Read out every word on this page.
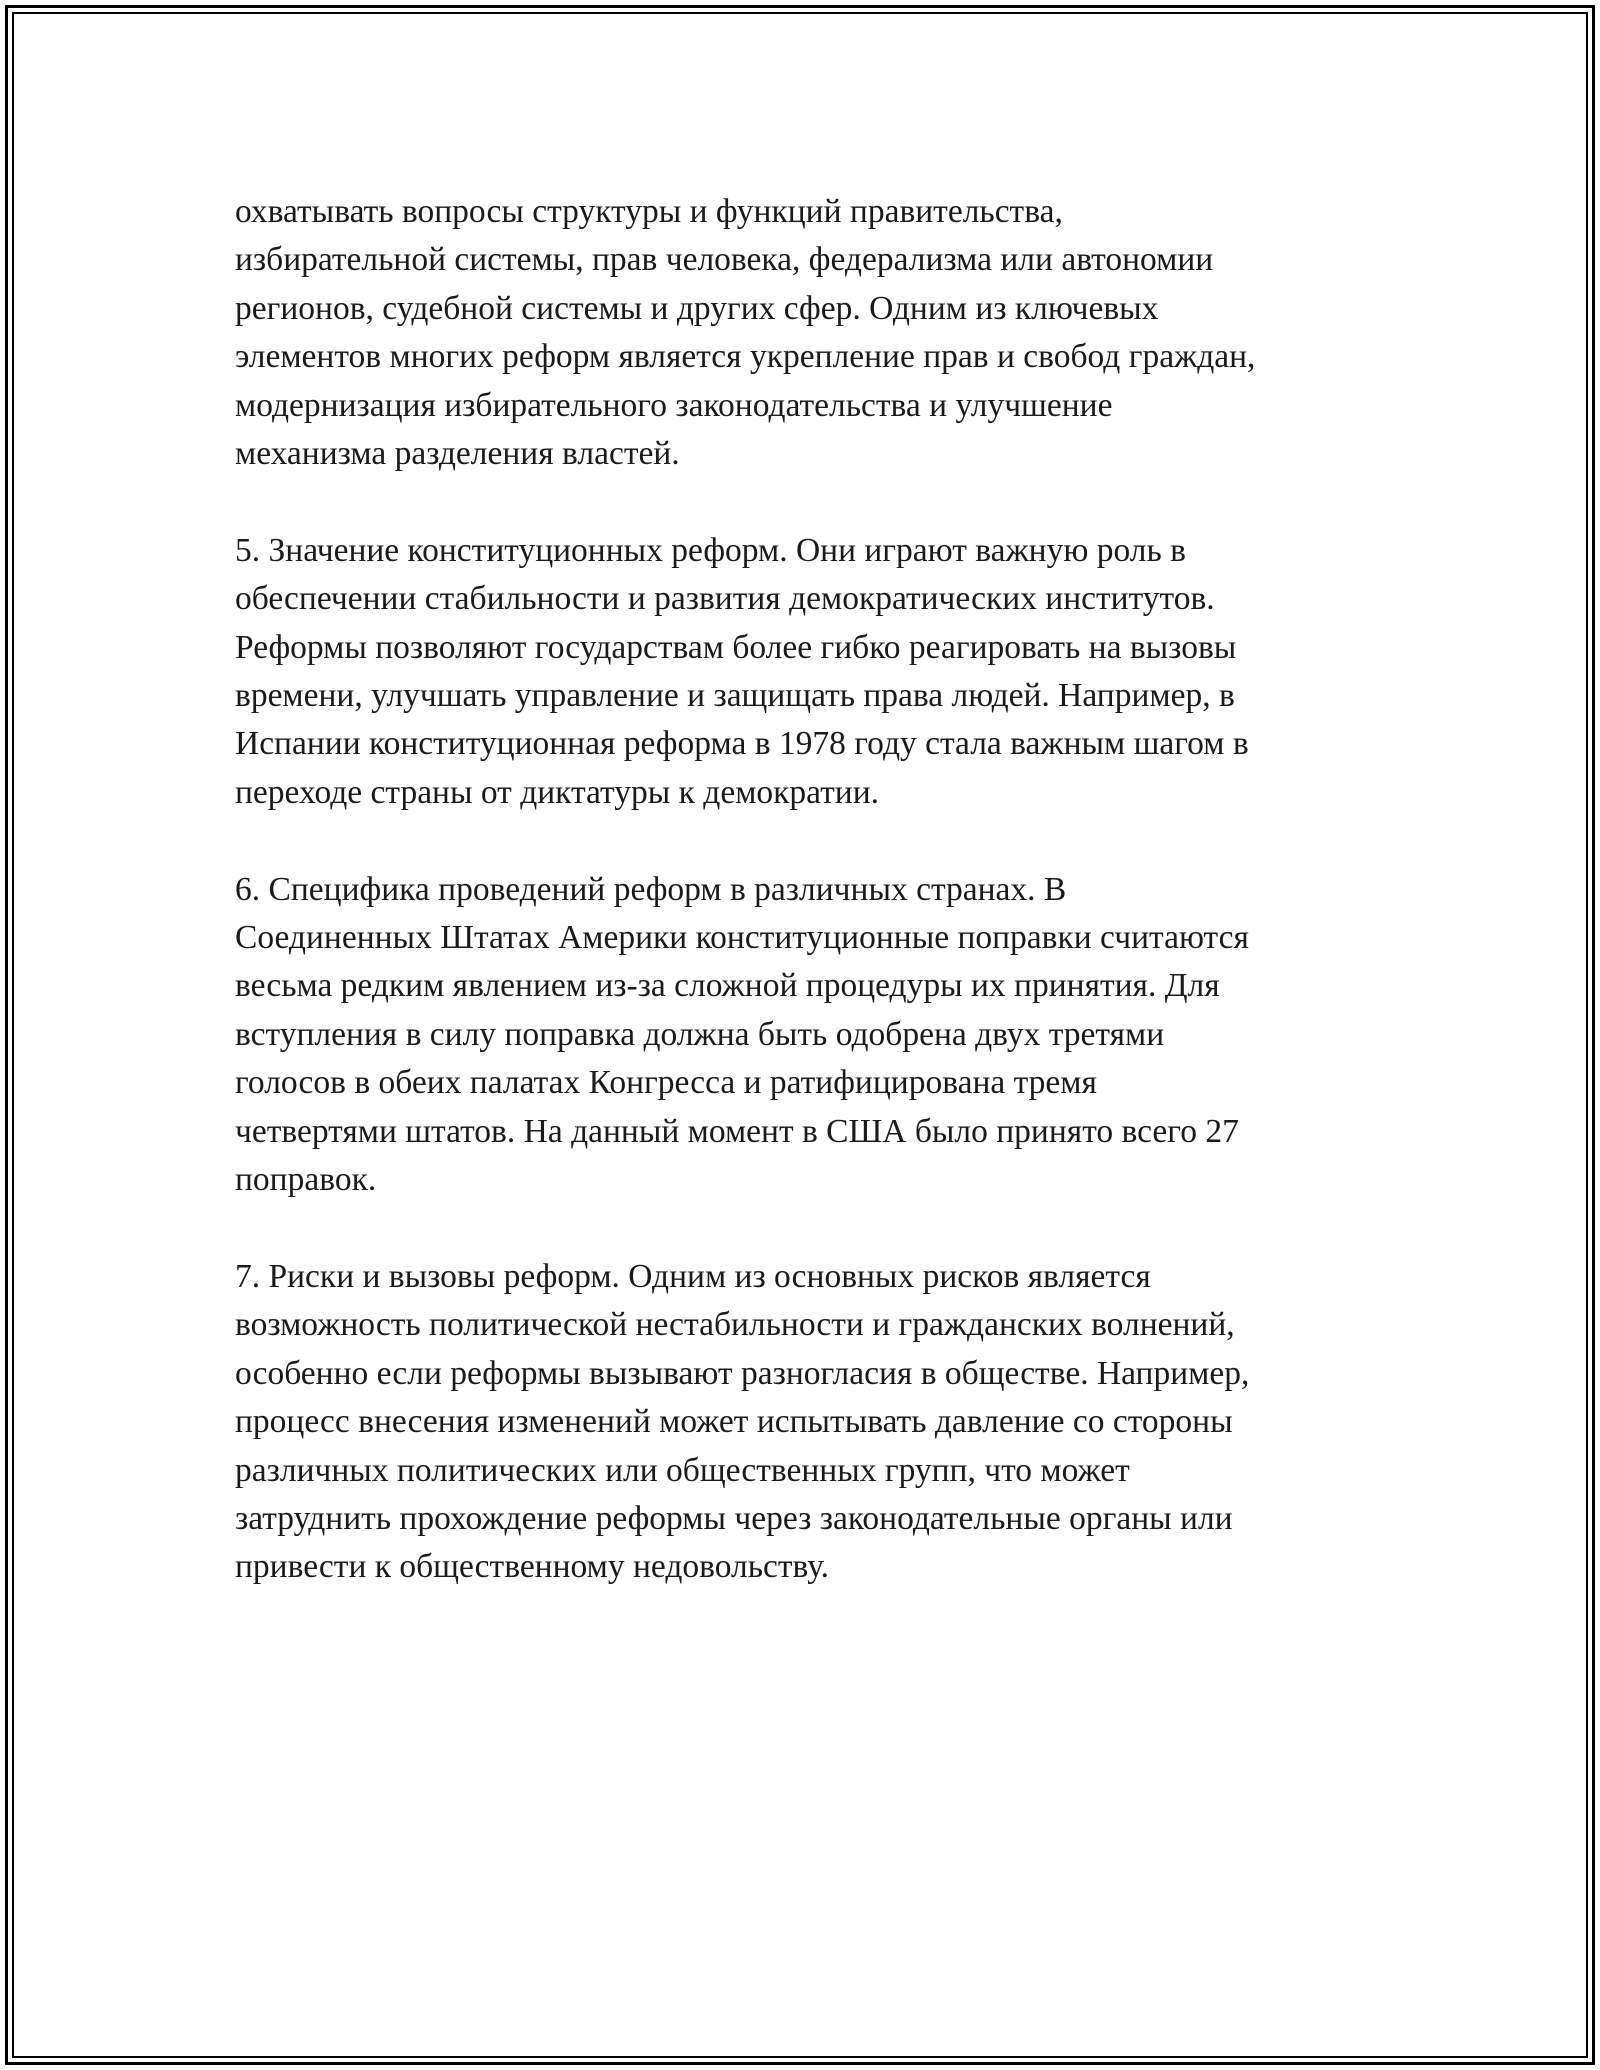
охватывать вопросы структуры и функций правительства,
избирательной системы, прав человека, федерализма или автономии
регионов, судебной системы и других сфер. Одним из ключевых
элементов многих реформ является укрепление прав и свобод граждан,
модернизация избирательного законодательства и улучшение
механизма разделения властей.

5. Значение конституционных реформ. Они играют важную роль в
обеспечении стабильности и развития демократических институтов.
Реформы позволяют государствам более гибко реагировать на вызовы
времени, улучшать управление и защищать права людей. Например, в
Испании конституционная реформа в 1978 году стала важным шагом в
переходе страны от диктатуры к демократии.

6. Специфика проведений реформ в различных странах. В
Соединенных Штатах Америки конституционные поправки считаются
весьма редким явлением из-за сложной процедуры их принятия. Для
вступления в силу поправка должна быть одобрена двух третями
голосов в обеих палатах Конгресса и ратифицирована тремя
четвертями штатов. На данный момент в США было принято всего 27
поправок.

7. Риски и вызовы реформ. Одним из основных рисков является
возможность политической нестабильности и гражданских волнений,
особенно если реформы вызывают разногласия в обществе. Например,
процесс внесения изменений может испытывать давление со стороны
различных политических или общественных групп, что может
затруднить прохождение реформы через законодательные органы или
привести к общественному недовольству.
